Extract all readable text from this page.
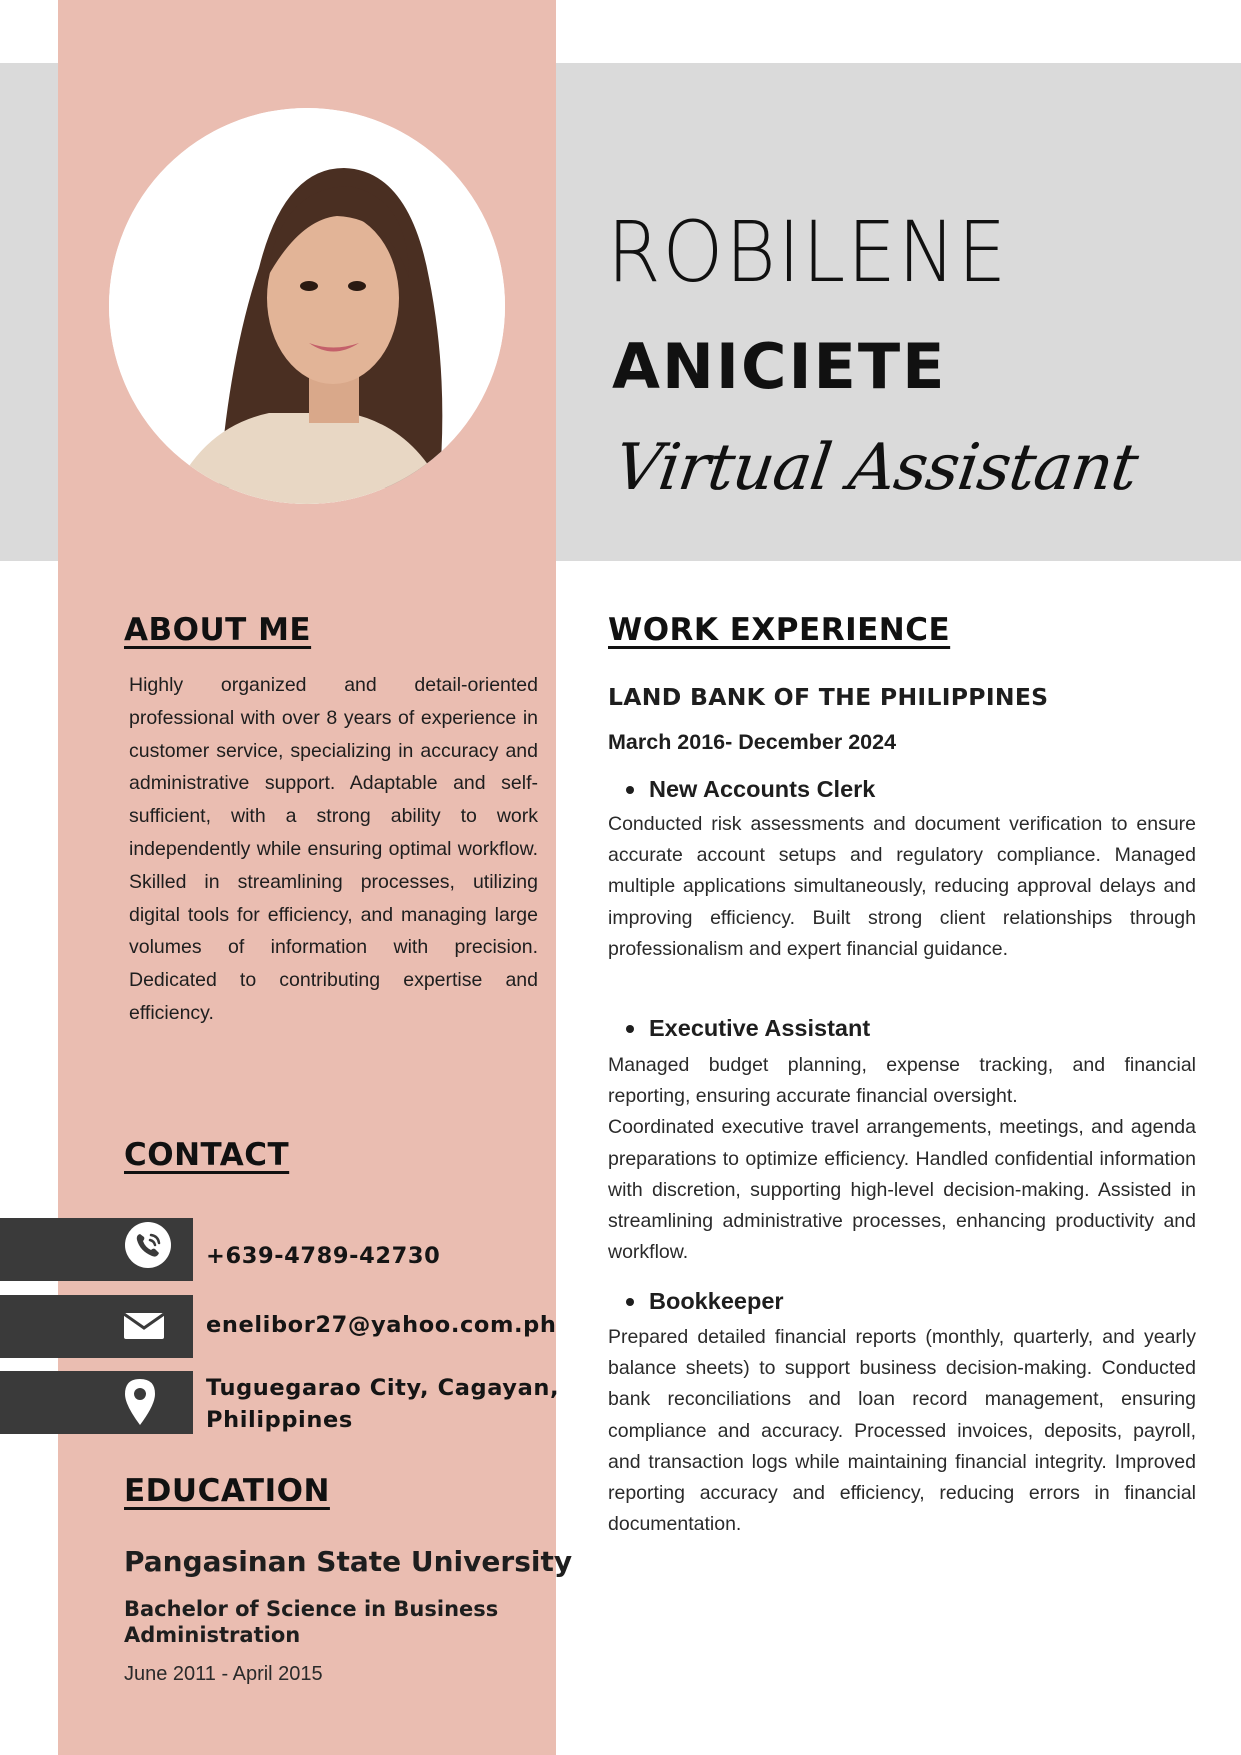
ROBILENE
ANICIETE
Virtual Assistant
ABOUT ME

Highly organized and detail-oriented professional with over 8 years of experience in customer service, specializing in accuracy and administrative support. Adaptable and self-sufficient, with a strong ability to work independently while ensuring optimal workflow. Skilled in streamlining processes, utilizing digital tools for efficiency, and managing large volumes of information with precision. Dedicated to contributing expertise and efficiency.

CONTACT
+639-4789-42730
enelibor27@yahoo.com.ph
Tuguegarao City, Cagayan,
Philippines
EDUCATION
Pangasinan State University
Bachelor of Science in Business Administration
June 2011 - April 2015
WORK EXPERIENCE
LAND BANK OF THE PHILIPPINES
March 2016- December 2024
New Accounts Clerk

Conducted risk assessments and document verification to ensure accurate account setups and regulatory compliance. Managed multiple applications simultaneously, reducing approval delays and improving efficiency. Built strong client relationships through professionalism and expert financial guidance.

Executive Assistant

Managed budget planning, expense tracking, and financial reporting, ensuring accurate financial oversight.

Coordinated executive travel arrangements, meetings, and agenda preparations to optimize efficiency. Handled confidential information with discretion, supporting high-level decision-making. Assisted in streamlining administrative processes, enhancing productivity and workflow.

Bookkeeper

Prepared detailed financial reports (monthly, quarterly, and yearly balance sheets) to support business decision-making. Conducted bank reconciliations and loan record management, ensuring compliance and accuracy. Processed invoices, deposits, payroll, and transaction logs while maintaining financial integrity. Improved reporting accuracy and efficiency, reducing errors in financial documentation.
